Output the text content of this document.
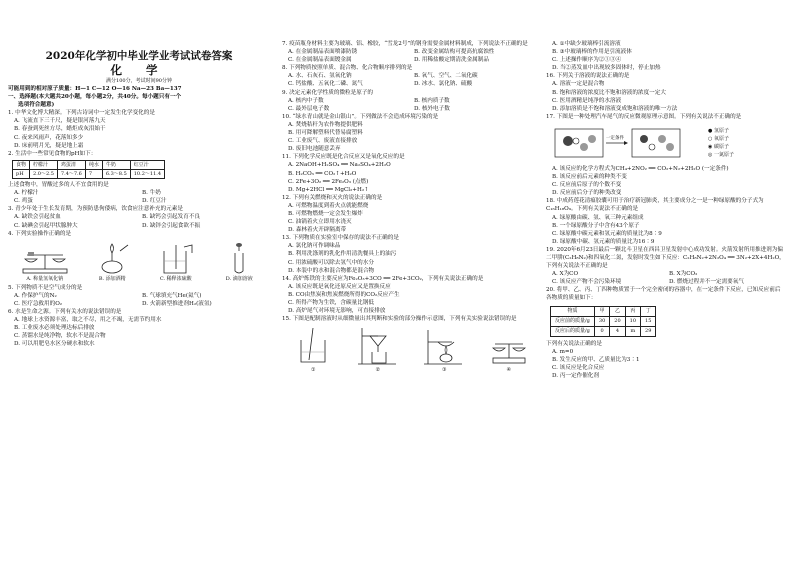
2020年化学初中毕业学业考试试卷答案
化 学
满分100分，考试时间90分钟
可能用到的相对原子质量：H—1 C—12 O—16 Na—23 Ba—137
一、选择题(本大题共20小题，每小题2分，共40分。每小题只有一个
选项符合题意)
1. 中华文化博大精深。下列古诗词中一定发生化学变化的是
A. 飞流直下三千尺，疑是银河落九天
B. 春蚕到死丝方尽，蜡炬成灰泪始干
C. 夜来风雨声，花落知多少
D. 床前明月光，疑是地上霜
2. 生活中一些常见食物的pH如下：
食物	柠檬汁	鸡蛋清	纯水	牛奶	红豆汁
pH	2.0～2.5	7.4～7.6	7	6.3～8.5	10.2～11.4
上述食物中，胃酸过多的人不宜食用的是
A. 柠檬汁	B. 牛奶
C. 鸡蛋	D. 红豆汁
3. 青少年处于生长发育期，为预防患佝偻病，饮食应注意补充的元素是
A. 缺铁会引起贫血	B. 缺钙会引起发育不良
C. 缺碘会引起甲状腺肿大	D. 缺锌会引起食欲不振
4. 下列实验操作正确的是
A. 称量氢氧化钠	B. 添加酒精	C. 稀释浓硫酸	D. 滴加溶液
5. 下列物质不是空气成分的是
A. 作保护气的N₂	B. 气球填充气He(氦气)
C. 医疗急救用的O₂	D. 火箭新型推进剂H₂(液氢)
6. 水是生命之源。下列有关水的说法错误的是
A. 地球上水资源丰富，取之不尽，用之不竭，无需节约用水
B. 工业废水必须处理达标后排放
C. 蒸馏水是纯净物，软水不是混合物
D. 可以用肥皂水区分硬水和软水
7. 疫苗瓶身材料主要为玻璃、铝、橡胶，“雪龙2号”的钢身需要金属材料制成，下列说法不正确的是
A. 在金属制品表面喷漆防锈	B. 改变金属结构可提高抗腐蚀性
C. 在金属制品表面镀金属	D. 用稀盐酸定期清洗金属制品
8. 下列物质按照单质、混合物、化合物顺序排列的是
A. 水、石灰石、氢氧化钠	B. 氧气、空气、二氧化碳
C. 钙盐酸、五氧化二磷、氮气	D. 冰水、氯化钠、硫酸
9. 决定元素化学性质的微粒是原子的
A. 核内中子数	B. 核内质子数
C. 最外层电子数	D. 核外电子数
10. “绿水青山就是金山银山”。下列做法不会造成环境污染的是
A. 焚烧秸秆为农作物提供肥料
B. 用可降解塑料代替易腐塑料
C. 工业废气、废液直接排放
D. 废旧电池随意丢弃
11. 下列化学反应既是化合反应又是氧化反应的是
A. 2NaOH+H₂SO₄ ══ Na₂SO₄+2H₂O
B. H₂CO₃ ══ CO₂↑+H₂O
C. 2Fe+3O₂ ══ 2Fe₂O₃ (点燃)
D. Mg+2HCl ══ MgCl₂+H₂↑
12. 下列有关燃烧和灭火的说法正确的是
A. 可燃物温度到着火点就能燃烧
B. 可燃物燃烧一定会发生爆炸
C. 油锅着火立即用水浇灭
D. 森林着火开辟隔离带
13. 下列物质在实验室中保存的说法不正确的是
A. 氯化钠可作调味品
B. 利用洗涤剂的乳化作用清洗餐具上的油污
C. 用浓硫酸可以除去氢气中的水分
D. 本装中的水和混合物都是混合物
14. 高炉炼铁的主要反应为Fe₂O₃+3CO ══ 2Fe+3CO₂，下列有关说法正确的是
A. 该反应既是氧化还原反应又是置换反应
B. CO由焦炭和焦炭燃烧所得的CO₂反应产生
C. 所得产物为生铁，含碳量比钢低
D. 高炉尾气对环境无影响，可直接排放
15. 下图是配制溶液时从细微量出其判断和实验的部分操作示意图，下列有关实验说法错误的是
①	②	③	④
A. ①中缺少玻璃棒引流溶液
B. ③中玻璃棒的作用是引流液体
C. 上述操作顺序为②①③④
D. 当②蒸发皿中出现较多固体时，停止加热
16. 下列关于溶液的说法正确的是
A. 溶液一定是混合物
B. 饱和溶液的浓度比不饱和溶液的浓度一定大
C. 医用酒精是纯净的水溶液
D. 添加溶质是不饱和溶液变成饱和溶液的唯一方法
17. 下图是一种处理汽车尾气的反应微观原理示意图。下列有关说法不正确的是
一定条件
● 氢原子
○ 氧原子
◉ 碳原子
◎ 一氮原子
A. 该反应的化学方程式为CH₄+2NO₂ ══ CO₂+N₂+2H₂O (一定条件)
B. 该反应前后元素的种类不变
C. 反应前后原子的个数不变
D. 反应前后分子的种类改变
18. 中成药莲花清瘟胶囊可用于治疗新冠肺炎，其主要成分之一是一种绿原酸的分子式为C₁₆H₁₈O₉。下列有关说法不正确的是
A. 绿原酸由碳、氢、氧三种元素组成
B. 一个绿原酸分子中含有43个原子
C. 绿原酸中碳元素和氢元素的质量比为8∶9
D. 绿原酸中碳、氢元素的质量比为16∶9
19. 2020年6月23日最后一颗北斗卫星在西昌卫星发射中心成功发射。火箭发射所用推进剂为偏二甲肼(C₂H₈N₂)和四氧化二氮，发射时发生如下反应：C₂H₈N₂+2N₂O₄ ══ 3N₂+2X+4H₂O，下列有关说法不正确的是
A. X为CO	B. X为CO₂
C. 该反应产物不会污染环境	D. 燃烧过程并不一定需要氧气
20. 将甲、乙、丙、丁四种物质置于一个完全密闭的容器中，在一定条件下反应，已知反应前后各物质的质量如下：
物质	甲	乙	丙	丁
反应前的质量/g	30	20	10	15
反应后的质量/g	0	4	m	29
下列有关说法正确的是
A. m=0
B. 发生反应的甲、乙质量比为3∶1
C. 该反应是化合反应
D. 丙一定作催化剂
